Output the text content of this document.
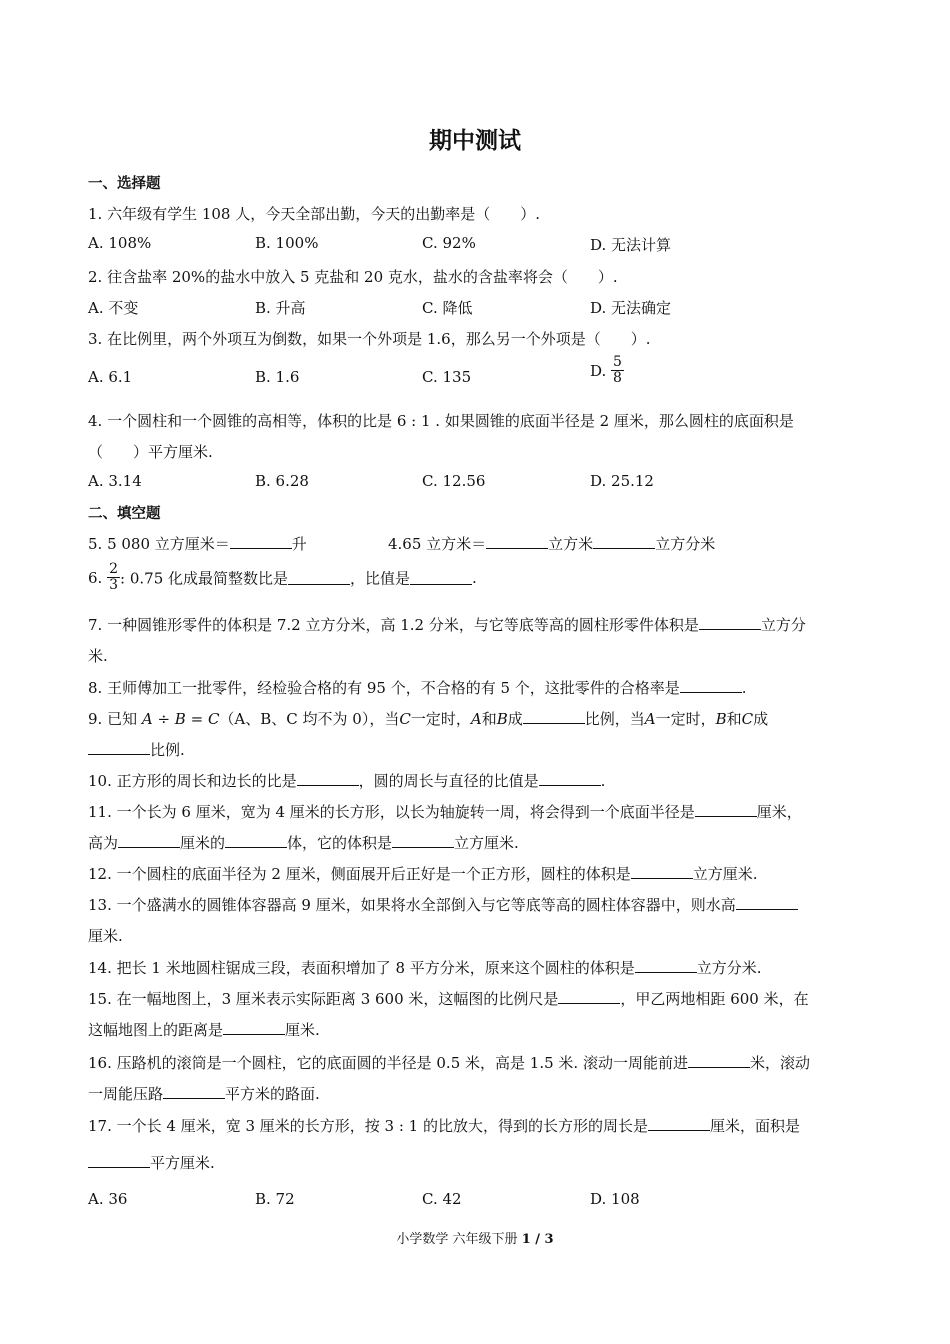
期中测试
一、选择题
1. 六年级有学生 108 人，今天全部出勤，今天的出勤率是（　　）.
A. 108%	B. 100%	C. 92%	D. 无法计算
2. 往含盐率 20%的盐水中放入 5 克盐和 20 克水，盐水的含盐率将会（　　）.
A. 不变	B. 升高	C. 降低	D. 无法确定
3. 在比例里，两个外项互为倒数，如果一个外项是 1.6，那么另一个外项是（　　）.
A. 6.1	B. 1.6	C. 135	D. $\frac{5}{8}$
4. 一个圆柱和一个圆锥的高相等，体积的比是 6 : 1 . 如果圆锥的底面半径是 2 厘米，那么圆柱的底面积是
（　　）平方厘米.
A. 3.14	B. 6.28	C. 12.56	D. 25.12
二、填空题
5. 5 080 立方厘米＝	升	4.65 立方米＝	立方米	立方分米
6. $\frac{2}{3}$ : 0.75 化成最简整数比是	，比值是	.
7. 一种圆锥形零件的体积是 7.2 立方分米，高 1.2 分米，与它等底等高的圆柱形零件体积是	立方分
米.
8. 王师傅加工一批零件，经检验合格的有 95 个，不合格的有 5 个，这批零件的合格率是	.
9. 已知 A ÷ B = C（A、B、C 均不为 0），当C一定时，A和B成	比例，当A一定时，B和C成
比例.
10. 正方形的周长和边长的比是	，圆的周长与直径的比值是	.
11. 一个长为 6 厘米，宽为 4 厘米的长方形，以长为轴旋转一周，将会得到一个底面半径是	厘米，
高为	厘米的	体，它的体积是	立方厘米.
12. 一个圆柱的底面半径为 2 厘米，侧面展开后正好是一个正方形，圆柱的体积是	立方厘米.
13. 一个盛满水的圆锥体容器高 9 厘米，如果将水全部倒入与它等底等高的圆柱体容器中，则水高
厘米.
14. 把长 1 米地圆柱锯成三段，表面积增加了 8 平方分米，原来这个圆柱的体积是	立方分米.
15. 在一幅地图上，3 厘米表示实际距离 3 600 米，这幅图的比例尺是	，甲乙两地相距 600 米，在
这幅地图上的距离是	厘米.
16. 压路机的滚筒是一个圆柱，它的底面圆的半径是 0.5 米，高是 1.5 米. 滚动一周能前进	米，滚动
一周能压路	平方米的路面.
17. 一个长 4 厘米，宽 3 厘米的长方形，按 3 : 1 的比放大，得到的长方形的周长是	厘米，面积是
平方厘米.
A. 36	B. 72	C. 42	D. 108
小学数学 六年级下册 1 / 3
